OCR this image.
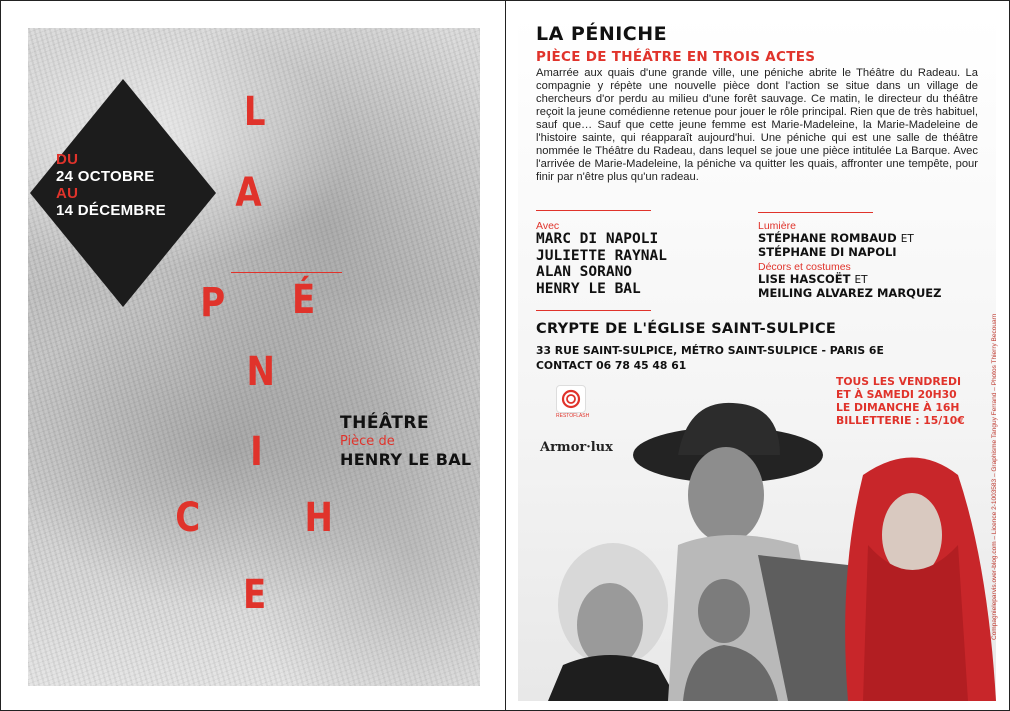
DU
24 OCTOBRE
AU
14 DÉCEMBRE
L
A
P É
N
I
C	H
E
THÉÂTRE
Pièce de
HENRY LE BAL
LA PÉNICHE
PIÈCE DE THÉÂTRE EN TROIS ACTES
Amarrée aux quais d'une grande ville, une péniche abrite le Théâtre du Radeau. La compagnie y répète une nouvelle pièce dont l'action se situe dans un village de chercheurs d'or perdu au milieu d'une forêt sauvage. Ce matin, le directeur du théâtre reçoit la jeune comédienne retenue pour jouer le rôle principal. Rien que de très habituel, sauf que… Sauf que cette jeune femme est Marie-Madeleine, la Marie-Madeleine de l'histoire sainte, qui réapparaît aujourd'hui. Une péniche qui est une salle de théâtre nommée le Théâtre du Radeau, dans lequel se joue une pièce intitulée La Barque. Avec l'arrivée de Marie-Madeleine, la péniche va quitter les quais, affronter une tempête, pour finir par n'être plus qu'un radeau.
Avec
MARC DI NAPOLI
JULIETTE RAYNAL
ALAN SORANO
HENRY LE BAL
Lumière
STÉPHANE ROMBAUD ET
STÉPHANE DI NAPOLI
Décors et costumes
LISE HASCOËT ET
MEILING ALVAREZ MARQUEZ
CRYPTE DE L'ÉGLISE SAINT-SULPICE
33 RUE SAINT-SULPICE, MÉTRO SAINT-SULPICE - PARIS 6E
CONTACT 06 78 45 48 61
TOUS LES VENDREDI
ET À SAMEDI 20H30
LE DIMANCHE À 16H
BILLETTERIE : 15/10€
RESTOFLASH
Armor·lux	Compagnieleparvis.over-blog.com – Licence 2-1003583 – Graphisme Tanguy Ferrand – Photos Thierry Becouarn
